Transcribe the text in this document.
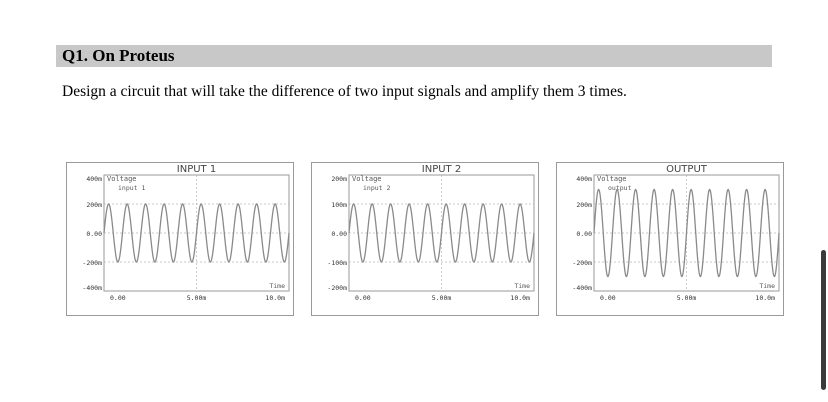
Q1. On Proteus
Design a circuit that will take the difference of two input signals and amplify them 3 times.
INPUT 1
400m
200m
0.00
-200m
-400m
0.00	5.00m	10.0m
Voltage
Time
input 1
INPUT 2
200m
100m
0.00
-100m
-200m
0.00	5.00m	10.0m
Voltage
Time
input 2
OUTPUT
400m
200m
0.00
-200m
-400m
0.00	5.00m	10.0m
Voltage
Time
output
